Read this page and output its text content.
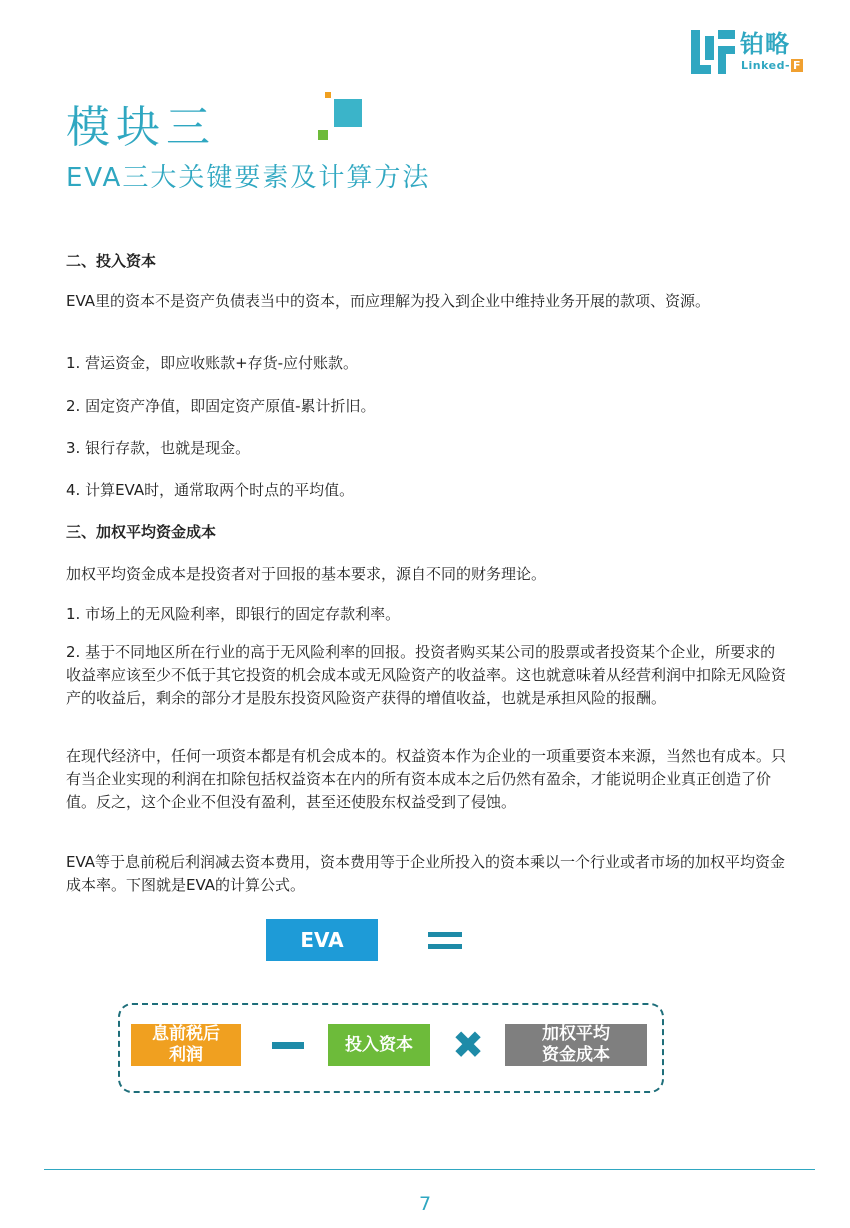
铂略
Linked- F
模块三
EVA三大关键要素及计算方法

二、投入资本

EVA里的资本不是资产负债表当中的资本，而应理解为投入到企业中维持业务开展的款项、资源。

1. 营运资金，即应收账款+存货-应付账款。

2. 固定资产净值，即固定资产原值-累计折旧。

3. 银行存款，也就是现金。

4. 计算EVA时，通常取两个时点的平均值。

三、加权平均资金成本

加权平均资金成本是投资者对于回报的基本要求，源自不同的财务理论。

1. 市场上的无风险利率，即银行的固定存款利率。

2. 基于不同地区所在行业的高于无风险利率的回报。投资者购买某公司的股票或者投资某个企业，所要求的收益率应该至少不低于其它投资的机会成本或无风险资产的收益率。这也就意味着从经营利润中扣除无风险资产的收益后，剩余的部分才是股东投资风险资产获得的增值收益，也就是承担风险的报酬。

在现代经济中，任何一项资本都是有机会成本的。权益资本作为企业的一项重要资本来源，当然也有成本。只有当企业实现的利润在扣除包括权益资本在内的所有资本成本之后仍然有盈余，才能说明企业真正创造了价值。反之，这个企业不但没有盈利，甚至还使股东权益受到了侵蚀。

EVA等于息前税后利润减去资本费用，资本费用等于企业所投入的资本乘以一个行业或者市场的加权平均资金成本率。下图就是EVA的计算公式。

EVA
息前税后
利润
投入资本	✖	加权平均
资金成本
7
